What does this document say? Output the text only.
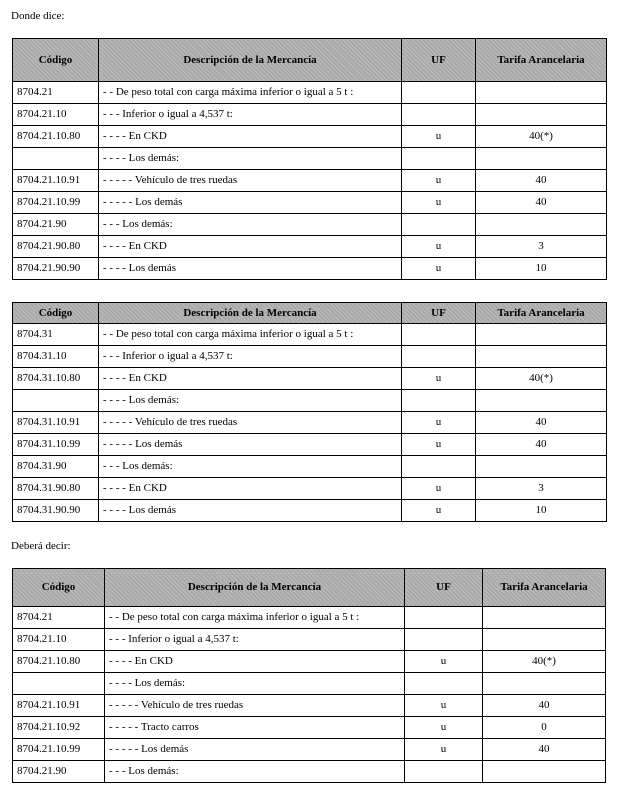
Donde dice:
Código	Descripción de la Mercancía	UF	Tarifa Arancelaria
8704.21	- - De peso total con carga máxima inferior o igual a 5 t :		
8704.21.10	- - - Inferior o igual a 4,537 t:		
8704.21.10.80	- - - - En CKD	u	40(*)
	- - - - Los demás:		
8704.21.10.91	- - - - - Vehículo de tres ruedas	u	40
8704.21.10.99	- - - - - Los demás	u	40
8704.21.90	- - - Los demás:		
8704.21.90.80	- - - - En CKD	u	3
8704.21.90.90	- - - - Los demás	u	10
Código	Descripción de la Mercancía	UF	Tarifa Arancelaria
8704.31	- - De peso total con carga máxima inferior o igual a 5 t :		
8704.31.10	- - - Inferior o igual a 4,537 t:		
8704.31.10.80	- - - - En CKD	u	40(*)
	- - - - Los demás:		
8704.31.10.91	- - - - - Vehículo de tres ruedas	u	40
8704.31.10.99	- - - - - Los demás	u	40
8704.31.90	- - - Los demás:		
8704.31.90.80	- - - - En CKD	u	3
8704.31.90.90	- - - - Los demás	u	10
Deberá decir:
Código	Descripción de la Mercancía	UF	Tarifa Arancelaria
8704.21	- - De peso total con carga máxima inferior o igual a 5 t :		
8704.21.10	- - - Inferior o igual a 4,537 t:		
8704.21.10.80	- - - - En CKD	u	40(*)
	- - - - Los demás:		
8704.21.10.91	- - - - - Vehículo de tres ruedas	u	40
8704.21.10.92	- - - - - Tracto carros	u	0
8704.21.10.99	- - - - - Los demás	u	40
8704.21.90	- - - Los demás:		
